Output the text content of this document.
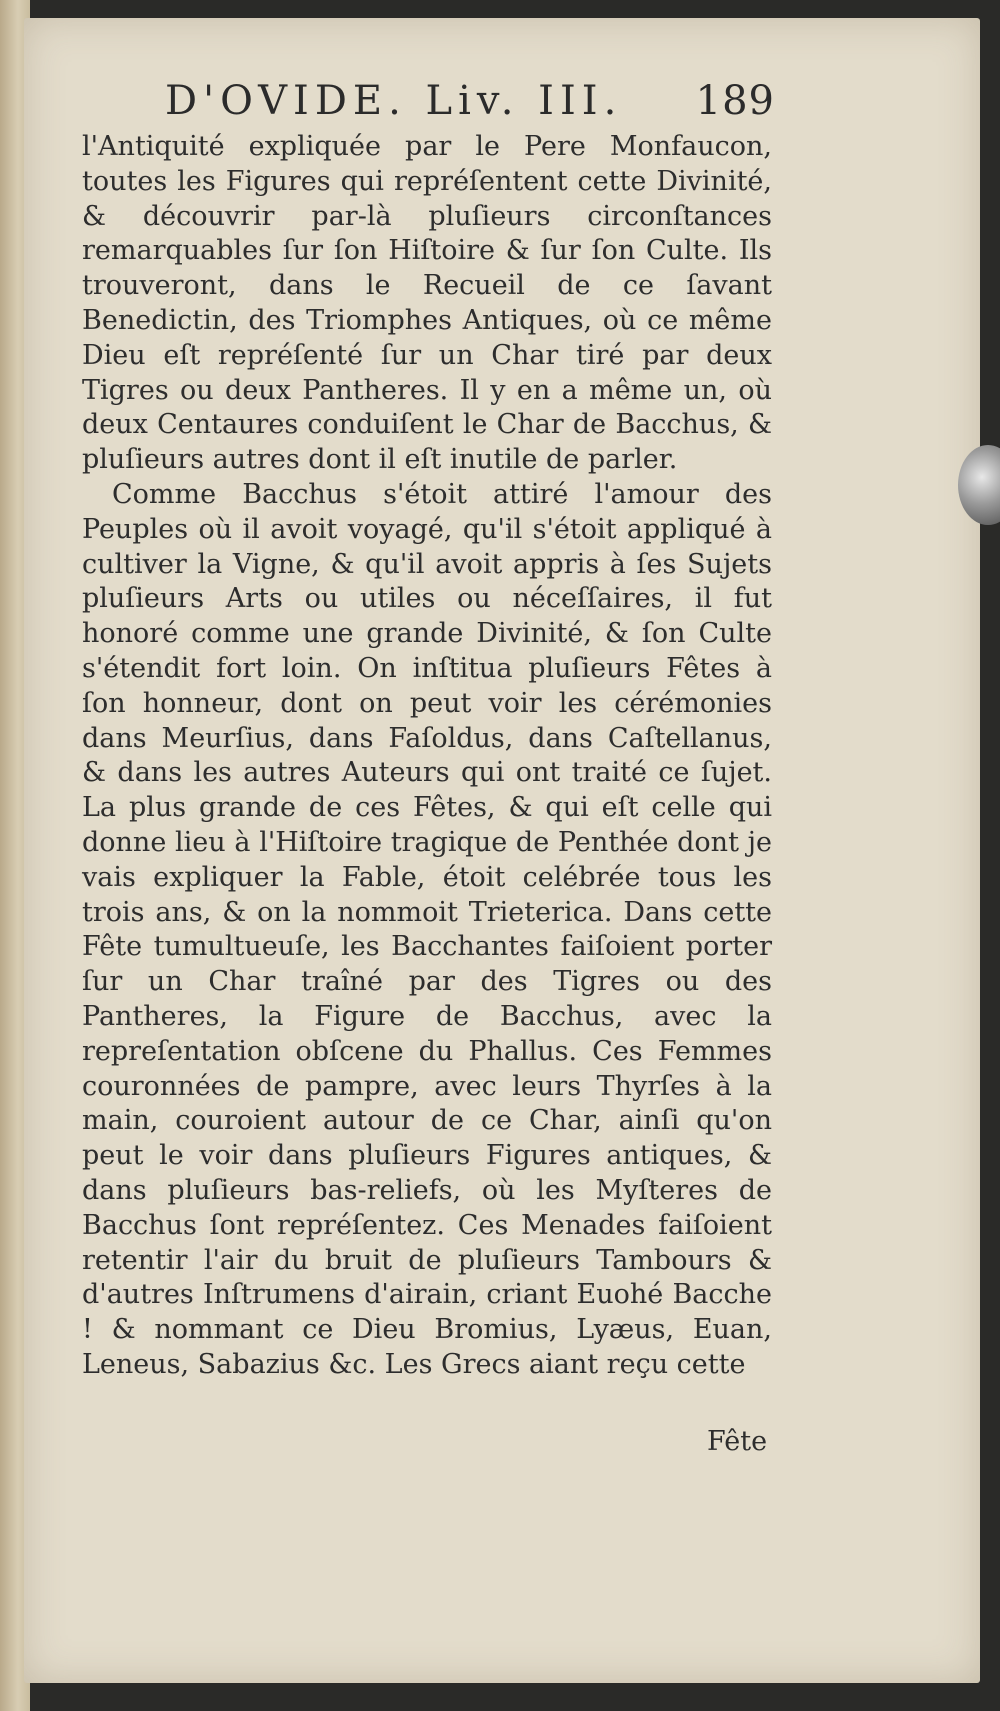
D'OVIDE. Liv. III. 189

l'Antiquité expliquée par le Pere Monfaucon, toutes les Figures qui repréſentent cette Divinité, & découvrir par-là pluſieurs circonſtances remarquables ſur ſon Hiſtoire & ſur ſon Culte. Ils trouveront, dans le Recueil de ce ſavant Benedictin, des Triomphes Antiques, où ce même Dieu eſt repréſenté ſur un Char tiré par deux Tigres ou deux Pantheres. Il y en a même un, où deux Centaures conduiſent le Char de Bacchus, & pluſieurs autres dont il eſt inutile de parler.

Comme Bacchus s'étoit attiré l'amour des Peuples où il avoit voyagé, qu'il s'étoit appliqué à cultiver la Vigne, & qu'il avoit appris à ſes Sujets pluſieurs Arts ou utiles ou néceſſaires, il fut honoré comme une grande Divinité, & ſon Culte s'étendit fort loin. On inſtitua pluſieurs Fêtes à ſon honneur, dont on peut voir les cérémonies dans Meurſius, dans Faſoldus, dans Caſtellanus, & dans les autres Auteurs qui ont traité ce ſujet. La plus grande de ces Fêtes, & qui eſt celle qui donne lieu à l'Hiſtoire tragique de Penthée dont je vais expliquer la Fable, étoit celébrée tous les trois ans, & on la nommoit Trieterica. Dans cette Fête tumultueuſe, les Bacchantes faiſoient porter ſur un Char traîné par des Tigres ou des Pantheres, la Figure de Bacchus, avec la repreſentation obſcene du Phallus. Ces Femmes couronnées de pampre, avec leurs Thyrſes à la main, couroient autour de ce Char, ainſi qu'on peut le voir dans pluſieurs Figures antiques, & dans pluſieurs bas-reliefs, où les Myſteres de Bacchus ſont repréſentez. Ces Menades faiſoient retentir l'air du bruit de pluſieurs Tambours & d'autres Inſtrumens d'airain, criant Euohé Bacche ! & nommant ce Dieu Bromius, Lyæus, Euan, Leneus, Sabazius &c. Les Grecs aiant reçu cette

Fête
